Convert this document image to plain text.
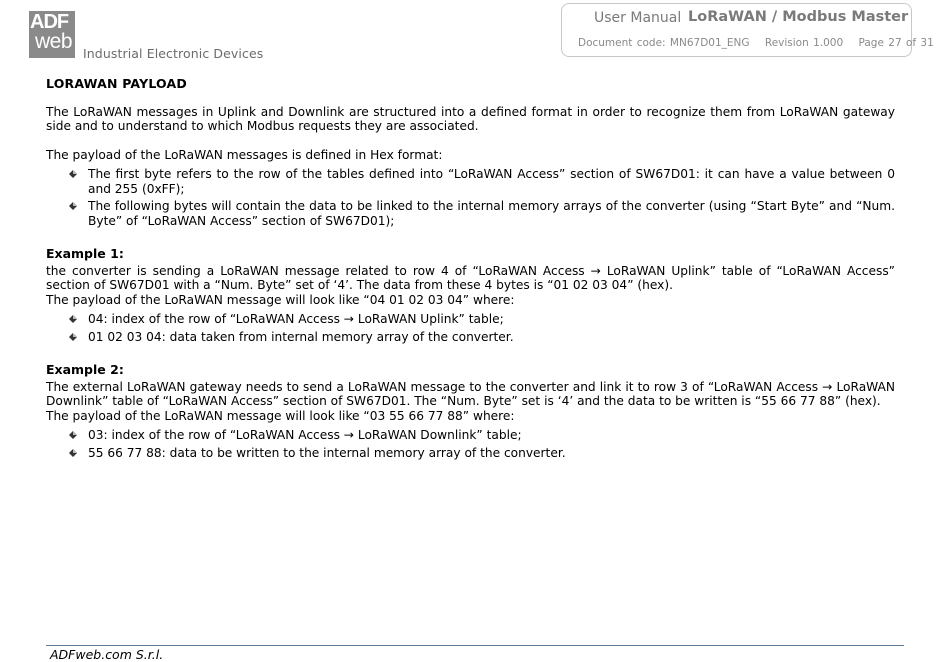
ADF
web
Industrial Electronic Devices
User Manual LoRaWAN / Modbus Master
Document code: MN67D01_ENG Revision 1.000 Page 27 of 31
LORAWAN PAYLOAD

The LoRaWAN messages in Uplink and Downlink are structured into a defined format in order to recognize them from LoRaWAN gateway side and to understand to which Modbus requests they are associated.

The payload of the LoRaWAN messages is defined in Hex format:

The first byte refers to the row of the tables defined into “LoRaWAN Access” section of SW67D01: it can have a value between 0 and 255 (0xFF);
The following bytes will contain the data to be linked to the internal memory arrays of the converter (using “Start Byte” and “Num. Byte” of “LoRaWAN Access” section of SW67D01);
Example 1:

the converter is sending a LoRaWAN message related to row 4 of “LoRaWAN Access → LoRaWAN Uplink” table of “LoRaWAN Access” section of SW67D01 with a “Num. Byte” set of ‘4’. The data from these 4 bytes is “01 02 03 04” (hex).

The payload of the LoRaWAN message will look like “04 01 02 03 04” where:

04: index of the row of “LoRaWAN Access → LoRaWAN Uplink” table;
01 02 03 04: data taken from internal memory array of the converter.
Example 2:

The external LoRaWAN gateway needs to send a LoRaWAN message to the converter and link it to row 3 of “LoRaWAN Access → LoRaWAN Downlink” table of “LoRaWAN Access” section of SW67D01. The “Num. Byte” set is ‘4’ and the data to be written is “55 66 77 88” (hex).

The payload of the LoRaWAN message will look like “03 55 66 77 88” where:

03: index of the row of “LoRaWAN Access → LoRaWAN Downlink” table;
55 66 77 88: data to be written to the internal memory array of the converter.
ADFweb.com S.r.l.
